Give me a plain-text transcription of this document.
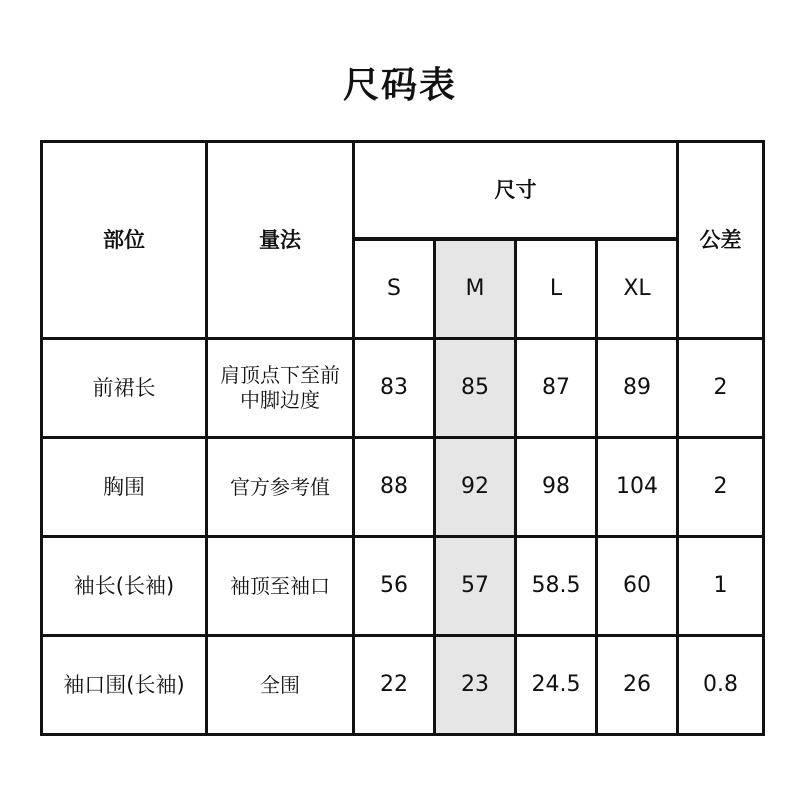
尺码表
部位	量法	尺寸				公差
		S	M	L	XL	
前裙长	肩顶点下至前中脚边度	83	85	87	89	2
胸围	官方参考值	88	92	98	104	2
袖长(长袖)	袖顶至袖口	56	57	58.5	60	1
袖口围(长袖)	全围	22	23	24.5	26	0.8
